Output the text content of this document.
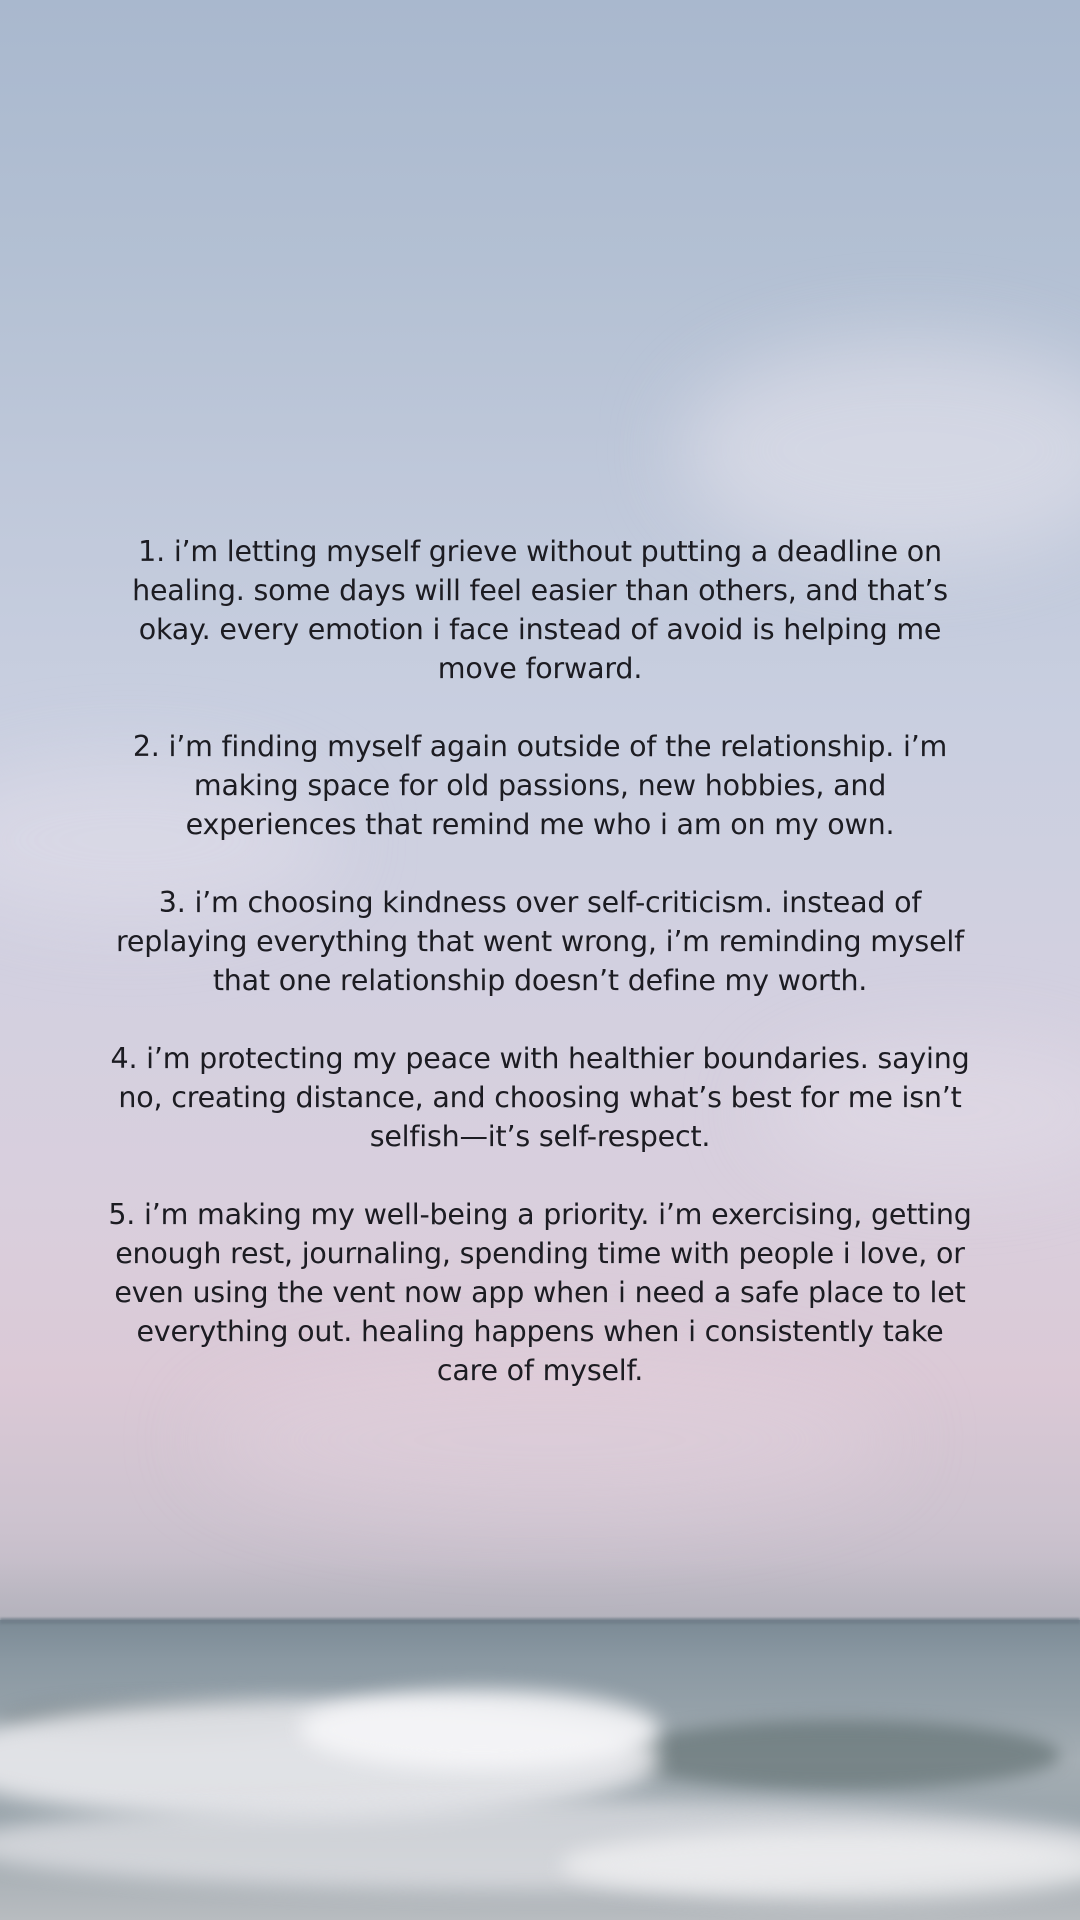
1. i’m letting myself grieve without putting a deadline on healing. some days will feel easier than others, and that’s okay. every emotion i face instead of avoid is helping me move forward.

2. i’m finding myself again outside of the relationship. i’m making space for old passions, new hobbies, and experiences that remind me who i am on my own.

3. i’m choosing kindness over self-criticism. instead of replaying everything that went wrong, i’m reminding myself that one relationship doesn’t define my worth.

4. i’m protecting my peace with healthier boundaries. saying no, creating distance, and choosing what’s best for me isn’t selfish—it’s self-respect.

5. i’m making my well-being a priority. i’m exercising, getting enough rest, journaling, spending time with people i love, or even using the vent now app when i need a safe place to let everything out. healing happens when i consistently take care of myself.
